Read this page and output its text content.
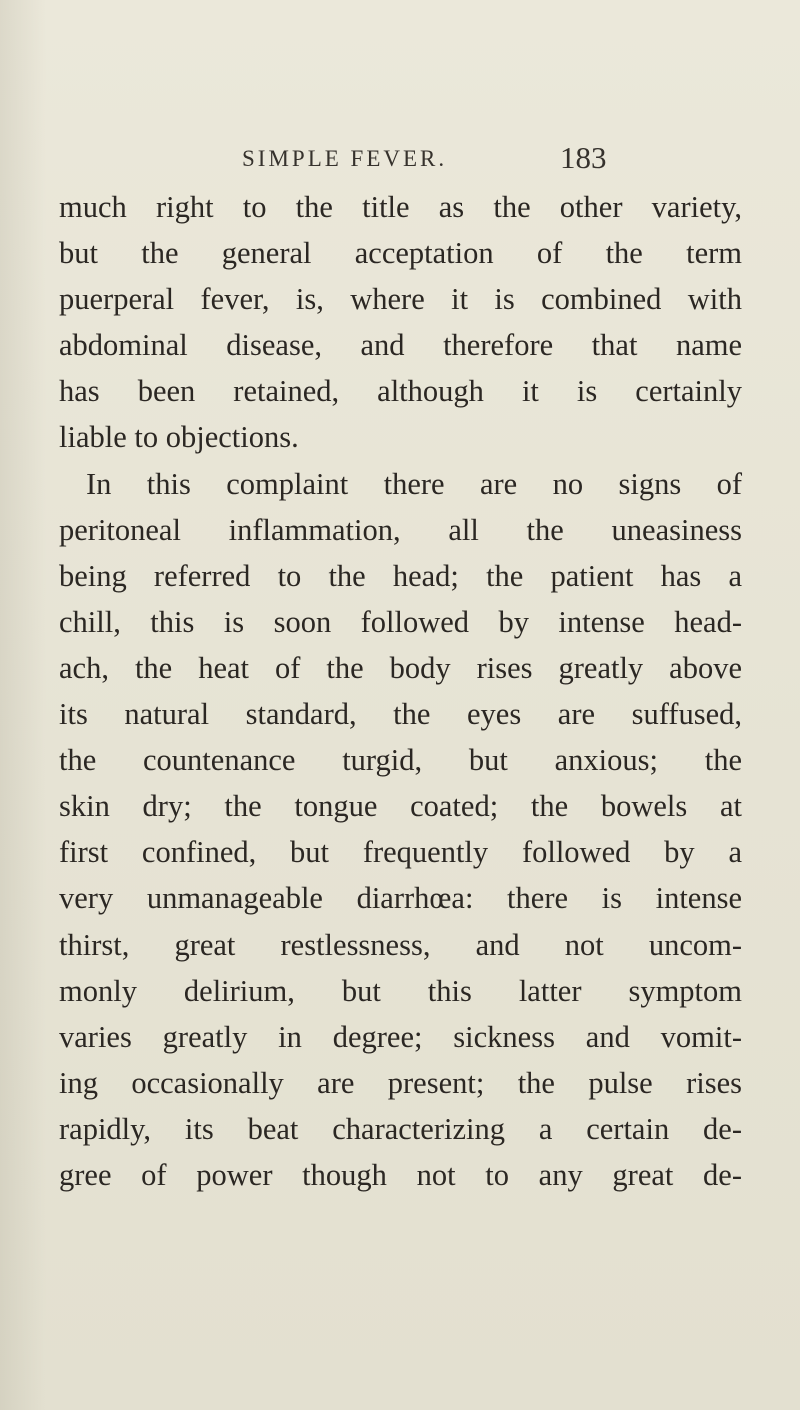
SIMPLE FEVER.	183
much right to the title as the other variety,
but the general acceptation of the term
puerperal fever, is, where it is combined with
abdominal disease, and therefore that name
has been retained, although it is certainly
liable to objections.
In this complaint there are no signs of
peritoneal inflammation, all the uneasiness
being referred to the head; the patient has a
chill, this is soon followed by intense head-
ach, the heat of the body rises greatly above
its natural standard, the eyes are suffused,
the countenance turgid, but anxious; the
skin dry; the tongue coated; the bowels at
first confined, but frequently followed by a
very unmanageable diarrhœa: there is intense
thirst, great restlessness, and not uncom-
monly delirium, but this latter symptom
varies greatly in degree; sickness and vomit-
ing occasionally are present; the pulse rises
rapidly, its beat characterizing a certain de-
gree of power though not to any great de-
